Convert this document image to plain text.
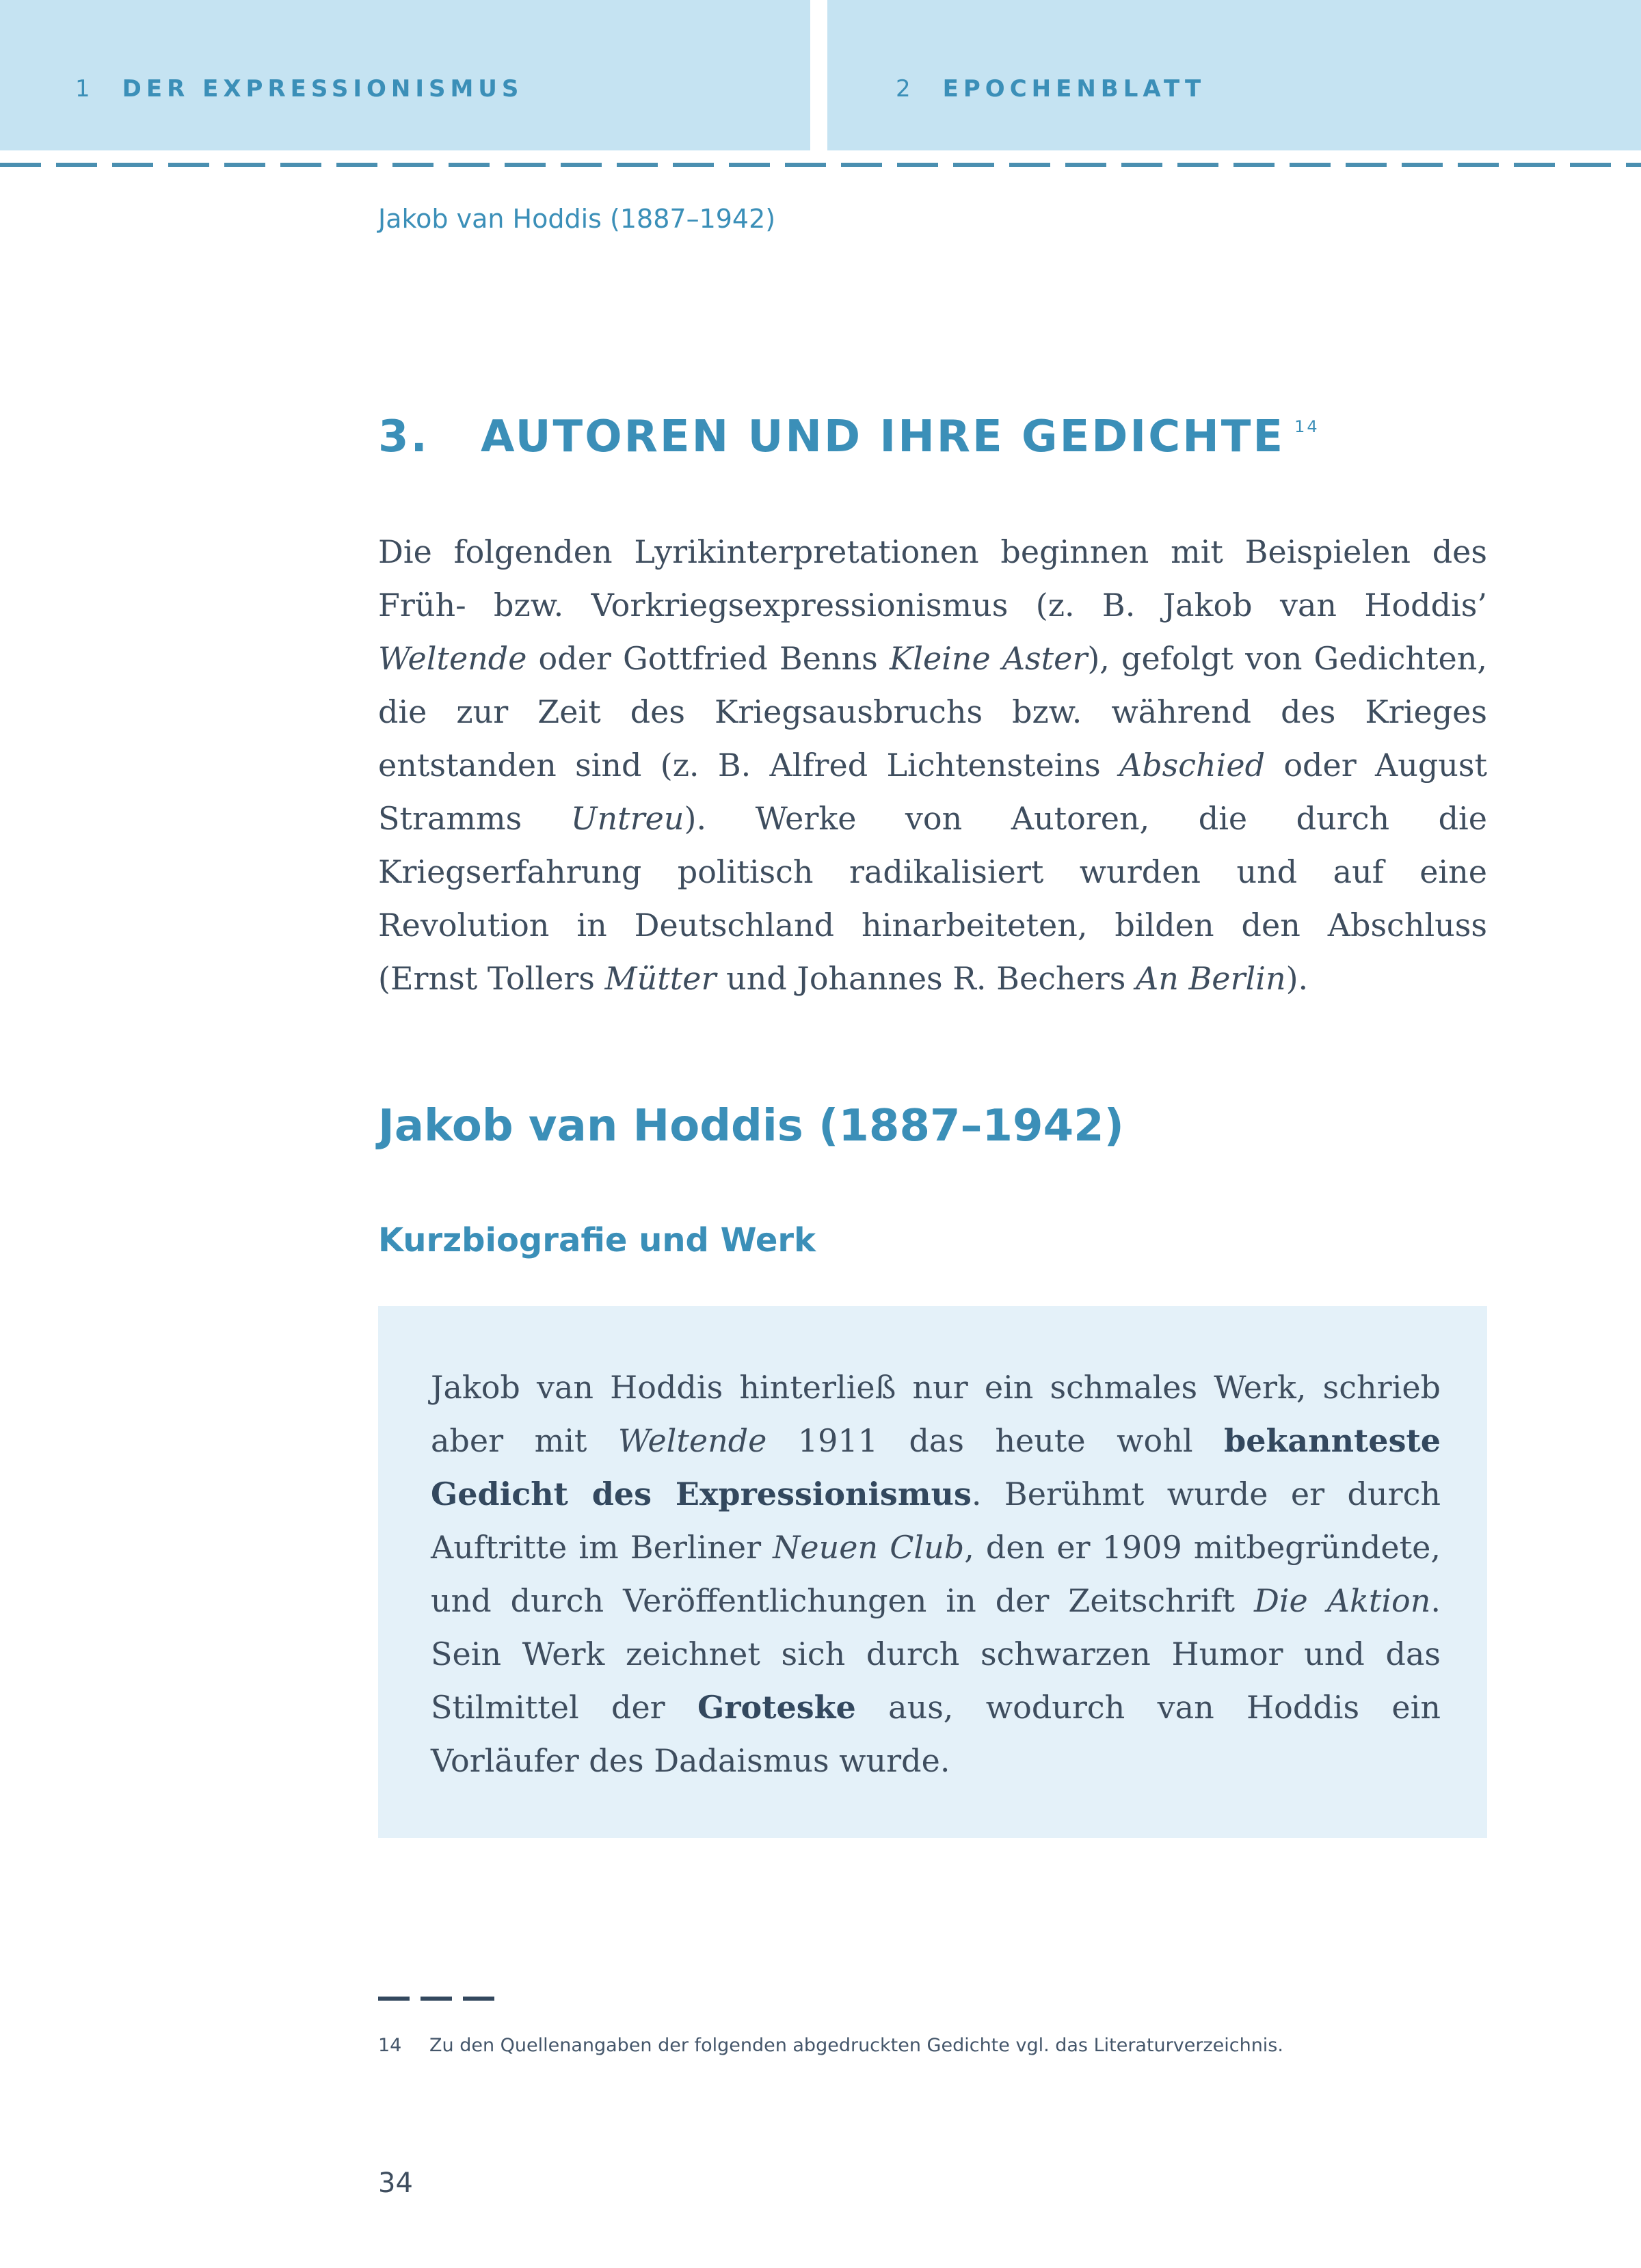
1 DER EXPRESSIONISMUS	2 EPOCHENBLATT
Jakob van Hoddis (1887–1942)
3. AUTOREN UND IHRE GEDICHTE $^{14}$

Die folgenden Lyrikinterpretationen beginnen mit Beispielen des Früh- bzw. Vorkriegsexpressionismus (z. B. Jakob van Hoddis’ Weltende oder Gottfried Benns Kleine Aster), gefolgt von Gedichten, die zur Zeit des Kriegsausbruchs bzw. während des Krieges entstanden sind (z. B. Alfred Lichtensteins Abschied oder August Stramms Untreu). Werke von Autoren, die durch die Kriegserfahrung politisch radikalisiert wurden und auf eine Revolution in Deutschland hinarbeiteten, bilden den Abschluss (Ernst Tollers Mütter und Johannes R. Bechers An Berlin).

Jakob van Hoddis (1887–1942)
Kurzbiografie und Werk

Jakob van Hoddis hinterließ nur ein schmales Werk, schrieb aber mit Weltende 1911 das heute wohl bekannteste Gedicht des Expressionismus. Berühmt wurde er durch Auftritte im Berliner Neuen Club, den er 1909 mitbegründete, und durch Veröffentlichungen in der Zeitschrift Die Aktion. Sein Werk zeichnet sich durch schwarzen Humor und das Stilmittel der Groteske aus, wodurch van Hoddis ein Vorläufer des Dadaismus wurde.

14 Zu den Quellenangaben der folgenden abgedruckten Gedichte vgl. das Literaturverzeichnis.

34
